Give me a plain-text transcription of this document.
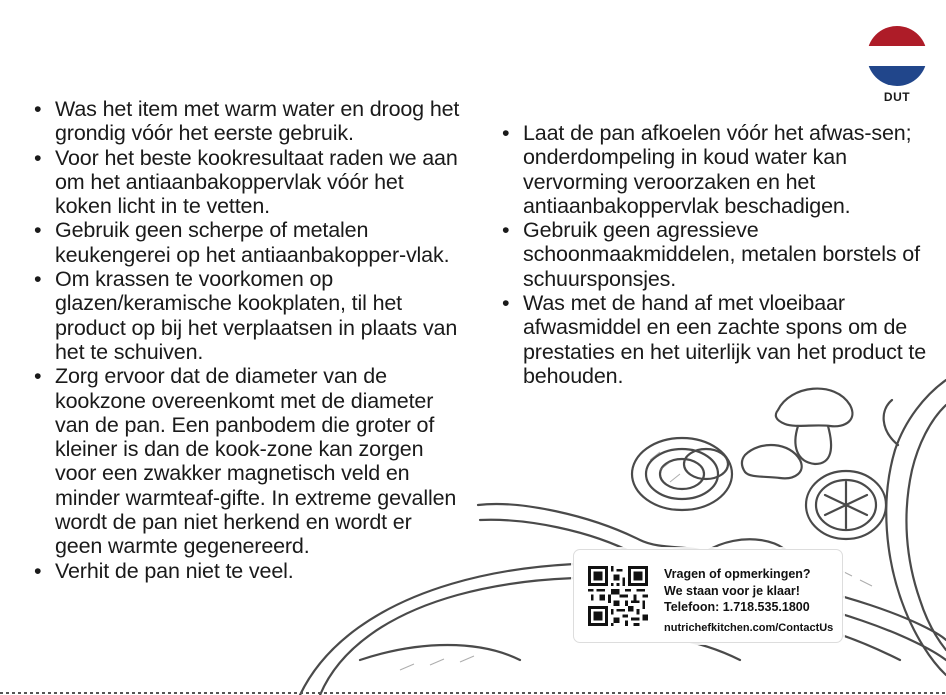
DUT
• Was het item met warm water en droog het grondig vóór het eerste gebruik.
• Voor het beste kookresultaat raden we aan om het antiaanbakoppervlak vóór het koken licht in te vetten.
• Gebruik geen scherpe of metalen keukengerei op het antiaanbakopper-vlak.
• Om krassen te voorkomen op glazen/keramische kookplaten, til het product op bij het verplaatsen in plaats van het te schuiven.
• Zorg ervoor dat de diameter van de kookzone overeenkomt met de diameter van de pan. Een panbodem die groter of kleiner is dan de kook-zone kan zorgen voor een zwakker magnetisch veld en minder warmteaf-gifte. In extreme gevallen wordt de pan niet herkend en wordt er geen warmte gegenereerd.
• Verhit de pan niet te veel.
• Laat de pan afkoelen vóór het afwas-sen; onderdompeling in koud water kan vervorming veroorzaken en het antiaanbakoppervlak beschadigen.
• Gebruik geen agressieve schoonmaakmiddelen, metalen borstels of schuursponsjes.
• Was met de hand af met vloeibaar afwasmiddel en een zachte spons om de prestaties en het uiterlijk van het product te behouden.
Vragen of opmerkingen?
We staan voor je klaar!
Telefoon: 1.718.535.1800
nutrichefkitchen.com/ContactUs
